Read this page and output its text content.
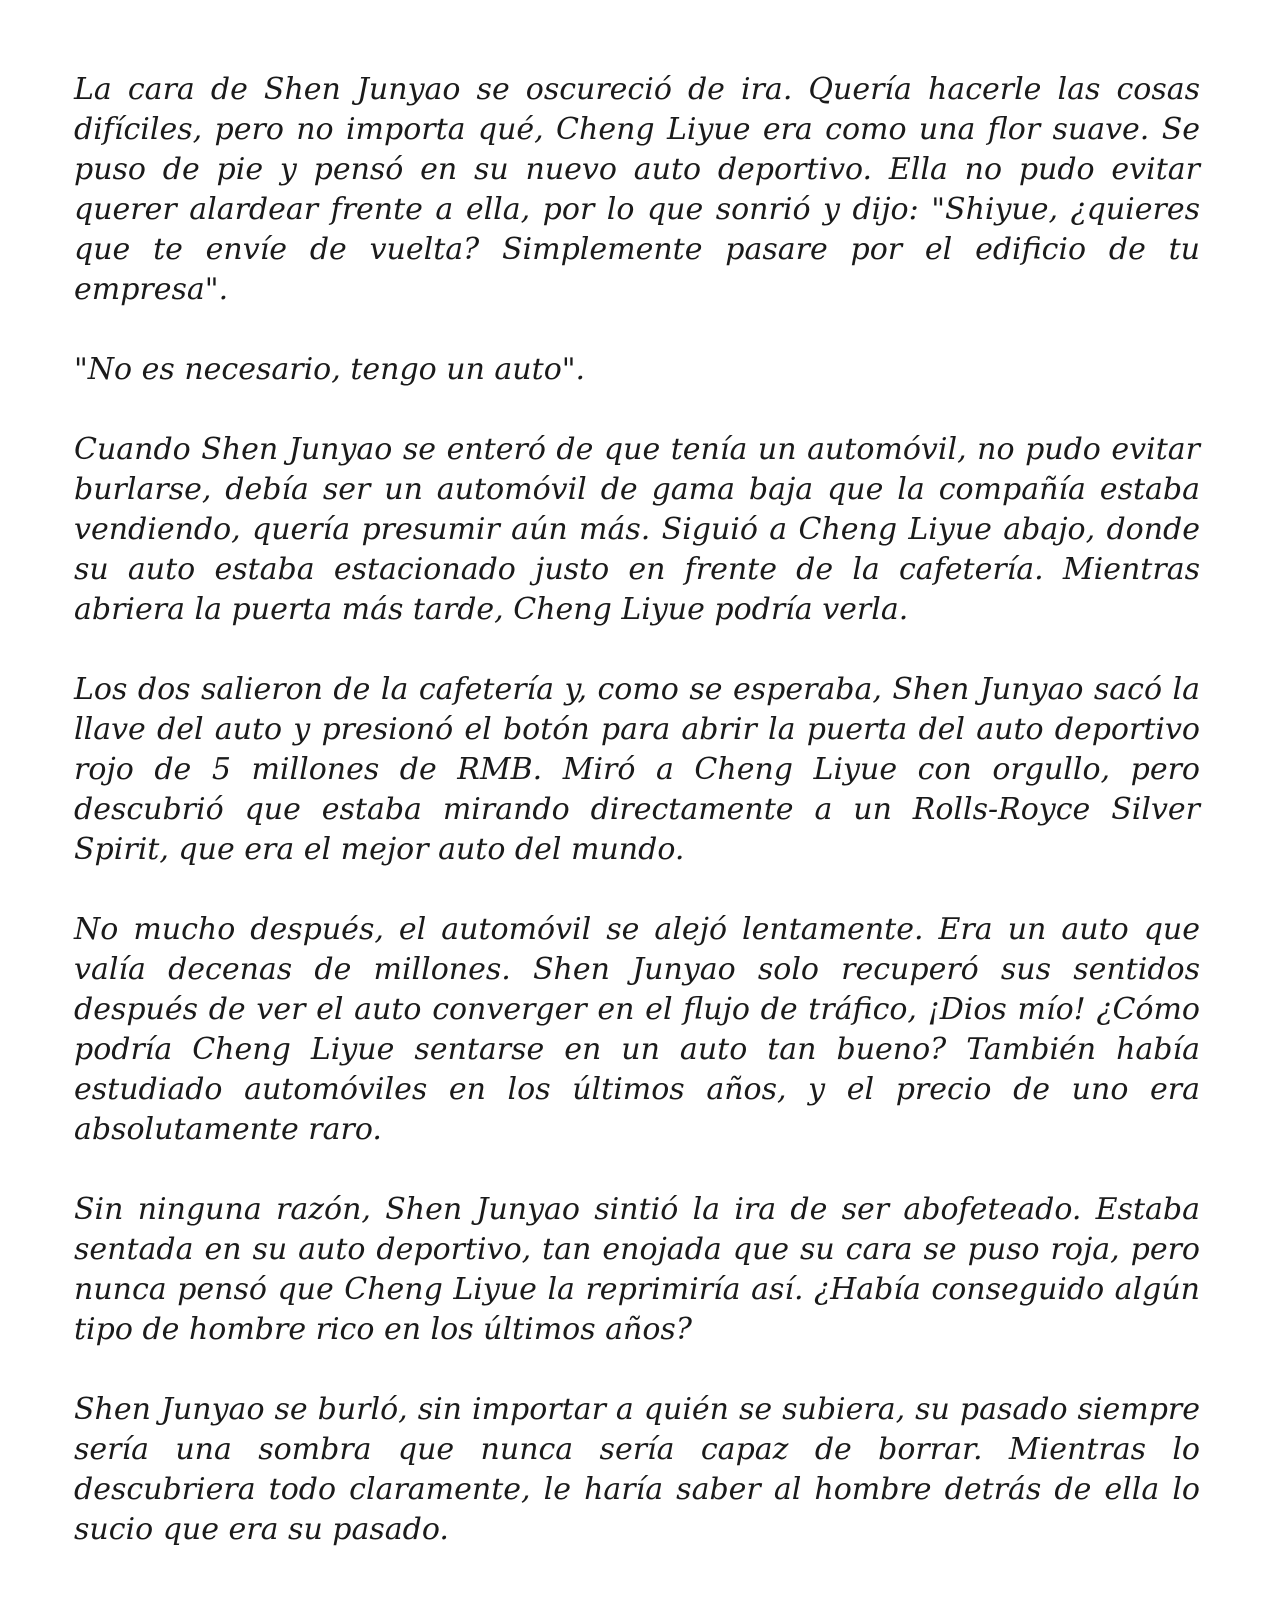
La cara de Shen Junyao se oscureció de ira. Quería hacerle las cosas difíciles, pero no importa qué, Cheng Liyue era como una flor suave. Se puso de pie y pensó en su nuevo auto deportivo. Ella no pudo evitar querer alardear frente a ella, por lo que sonrió y dijo: "Shiyue, ¿quieres que te envíe de vuelta? Simplemente pasare por el edificio de tu empresa".

"No es necesario, tengo un auto".

Cuando Shen Junyao se enteró de que tenía un automóvil, no pudo evitar burlarse, debía ser un automóvil de gama baja que la compañía estaba vendiendo, quería presumir aún más. Siguió a Cheng Liyue abajo, donde su auto estaba estacionado justo en frente de la cafetería. Mientras abriera la puerta más tarde, Cheng Liyue podría verla.

Los dos salieron de la cafetería y, como se esperaba, Shen Junyao sacó la llave del auto y presionó el botón para abrir la puerta del auto deportivo rojo de 5 millones de RMB. Miró a Cheng Liyue con orgullo, pero descubrió que estaba mirando directamente a un Rolls-Royce Silver Spirit, que era el mejor auto del mundo.

No mucho después, el automóvil se alejó lentamente. Era un auto que valía decenas de millones. Shen Junyao solo recuperó sus sentidos después de ver el auto converger en el flujo de tráfico, ¡Dios mío! ¿Cómo podría Cheng Liyue sentarse en un auto tan bueno? También había estudiado automóviles en los últimos años, y el precio de uno era absolutamente raro.

Sin ninguna razón, Shen Junyao sintió la ira de ser abofeteado. Estaba sentada en su auto deportivo, tan enojada que su cara se puso roja, pero nunca pensó que Cheng Liyue la reprimiría así. ¿Había conseguido algún tipo de hombre rico en los últimos años?

Shen Junyao se burló, sin importar a quién se subiera, su pasado siempre sería una sombra que nunca sería capaz de borrar. Mientras lo descubriera todo claramente, le haría saber al hombre detrás de ella lo sucio que era su pasado.
